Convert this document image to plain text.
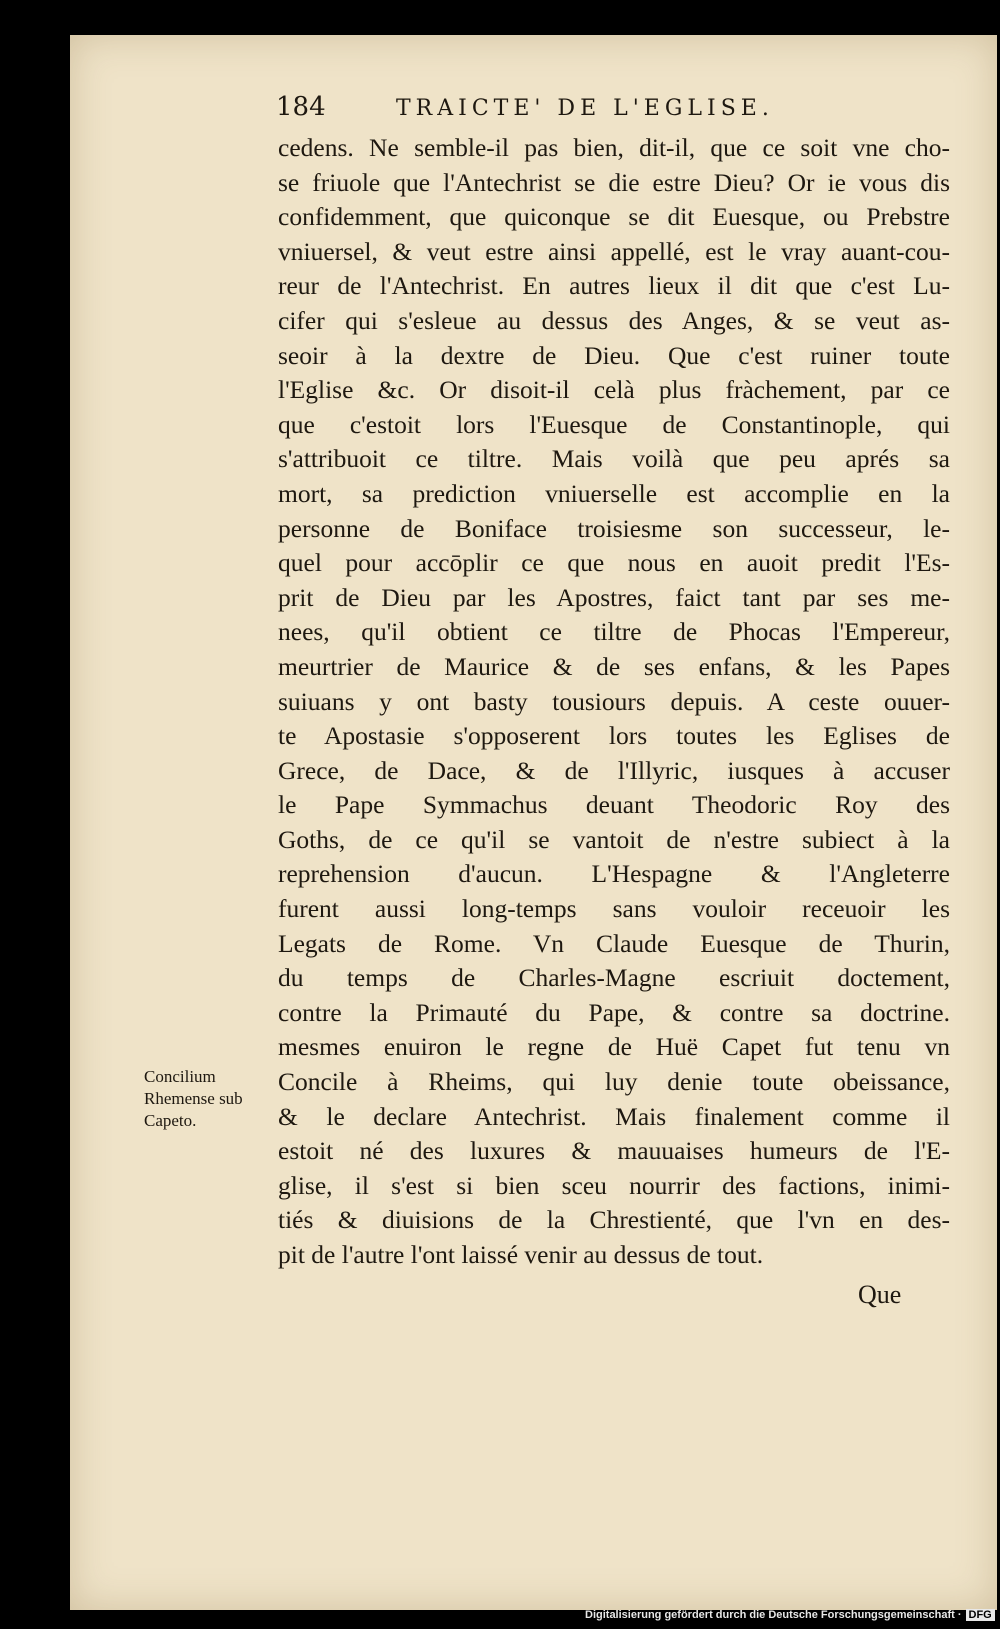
184	TRAICTE' DE L'EGLISE.
cedens. Ne semble-il pas bien, dit-il, que ce soit vne cho-
se friuole que l'Antechrist se die estre Dieu? Or ie vous dis
confidemment, que quiconque se dit Euesque, ou Prebstre
vniuersel, & veut estre ainsi appellé, est le vray auant-cou-
reur de l'Antechrist. En autres lieux il dit que c'est Lu-
cifer qui s'esleue au dessus des Anges, & se veut as-
seoir à la dextre de Dieu. Que c'est ruiner toute
l'Eglise &c. Or disoit-il celà plus fràchement, par ce
que c'estoit lors l'Euesque de Constantinople, qui
s'attribuoit ce tiltre. Mais voilà que peu aprés sa
mort, sa prediction vniuerselle est accomplie en la
personne de Boniface troisiesme son successeur, le-
quel pour accōplir ce que nous en auoit predit l'Es-
prit de Dieu par les Apostres, faict tant par ses me-
nees, qu'il obtient ce tiltre de Phocas l'Empereur,
meurtrier de Maurice & de ses enfans, & les Papes
suiuans y ont basty tousiours depuis. A ceste ouuer-
te Apostasie s'opposerent lors toutes les Eglises de
Grece, de Dace, & de l'Illyric, iusques à accuser
le Pape Symmachus deuant Theodoric Roy des
Goths, de ce qu'il se vantoit de n'estre subiect à la
reprehension d'aucun. L'Hespagne & l'Angleterre
furent aussi long-temps sans vouloir receuoir les
Legats de Rome. Vn Claude Euesque de Thurin,
du temps de Charles-Magne escriuit doctement,
contre la Primauté du Pape, & contre sa doctrine.
mesmes enuiron le regne de Huë Capet fut tenu vn
Concile à Rheims, qui luy denie toute obeissance,
& le declare Antechrist. Mais finalement comme il
estoit né des luxures & mauuaises humeurs de l'E-
glise, il s'est si bien sceu nourrir des factions, inimi-
tiés & diuisions de la Chrestienté, que l'vn en des-
pit de l'autre l'ont laissé venir au dessus de tout.
Concilium
Rhemense sub
Capeto.
Que
Digitalisierung gefördert durch die Deutsche Forschungsgemeinschaft · DFG
